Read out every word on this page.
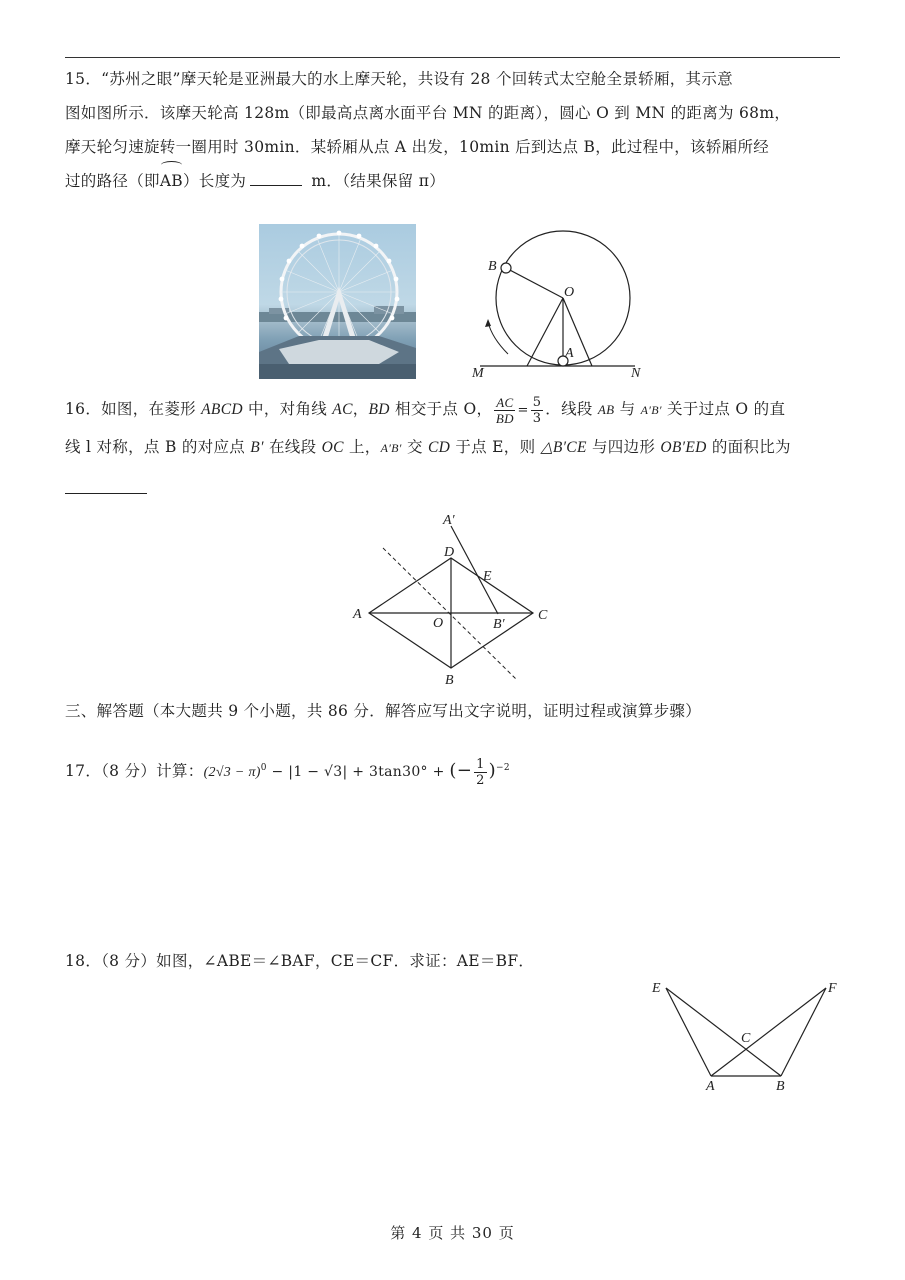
15．“苏州之眼”摩天轮是亚洲最大的水上摩天轮，共设有 28 个回转式太空舱全景轿厢，其示意
图如图所示．该摩天轮高 128m（即最高点离水面平台 MN 的距离），圆心 O 到 MN 的距离为 68m，
摩天轮匀速旋转一圈用时 30min．某轿厢从点 A 出发，10min 后到达点 B，此过程中，该轿厢所经
过的路径（即AB）长度为	m．（结果保留 π）
B
O
A
M	N
16．如图，在菱形 ABCD 中，对角线 AC，BD 相交于点 O， $\frac{AC}{BD} = \frac{5}{3}$ ．线段 AB 与 A′B′ 关于过点 O 的直
线 l 对称，点 B 的对应点 B′ 在线段 OC 上，A′B′ 交 CD 于点 E，则 △B′CE 与四边形 OB′ED 的面积比为
A′
D
E
A
O	B′
C
B
三、解答题（本大题共 9 个小题，共 86 分．解答应写出文字说明，证明过程或演算步骤）
17．（8 分）计算：$(2√3 - \pi)^0 - |1 - √3| + 3\tan 30^\circ$ + (− $\frac{1}{2} )^{-2}$
18．（8 分）如图，∠ABE＝∠BAF，CE＝CF．求证：AE＝BF．
E	F
C
A	B
第 4 页 共 30 页
